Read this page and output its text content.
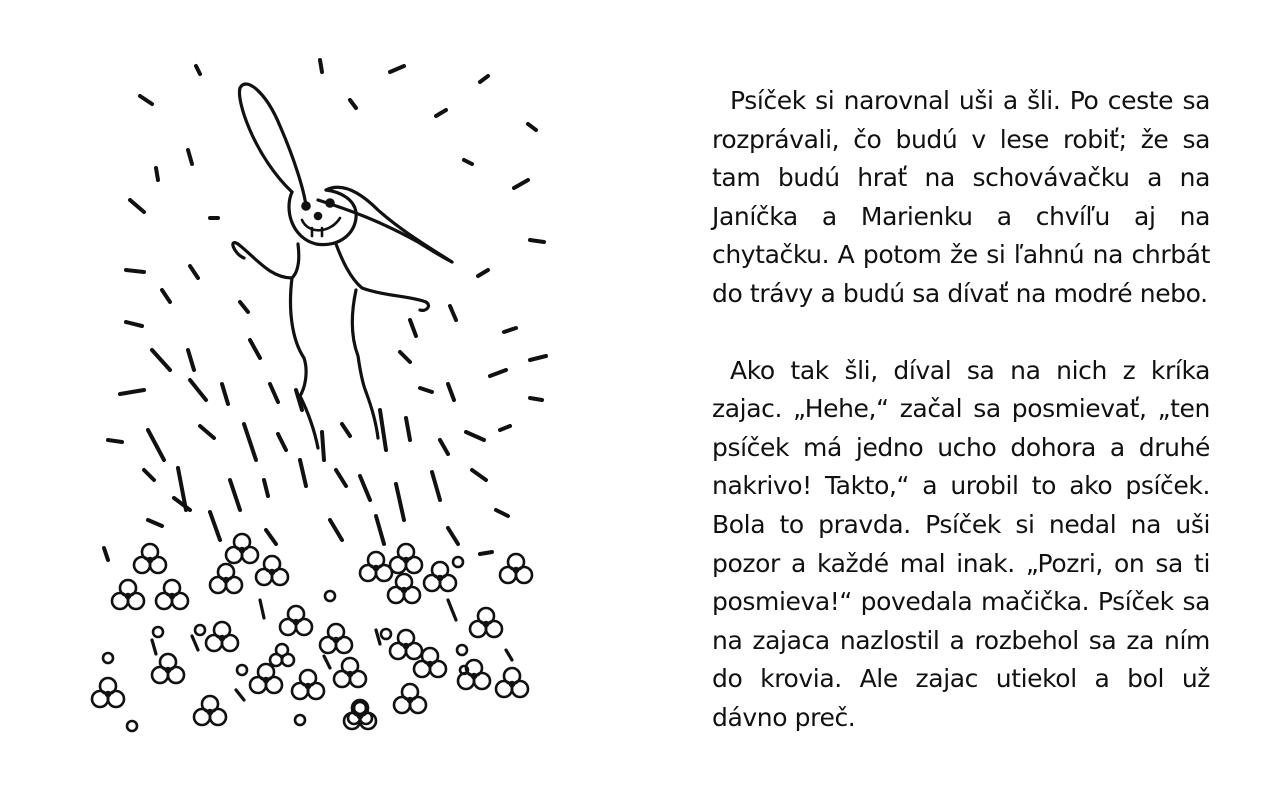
Psíček si narovnal uši a šli. Po ceste sa rozprávali, čo budú v lese robiť; že sa tam budú hrať na schovávačku a na Janíčka a Marienku a chvíľu aj na chytačku. A potom že si ľahnú na chrbát do trávy a budú sa dívať na modré nebo.

Ako tak šli, díval sa na nich z kríka zajac. „Hehe,“ začal sa posmievať, „ten psíček má jedno ucho dohora a druhé nakrivo! Takto,“ a urobil to ako psíček. Bola to pravda. Psíček si nedal na uši pozor a každé mal inak. „Pozri, on sa ti posmieva!“ povedala mačička. Psíček sa na zajaca nazlostil a rozbehol sa za ním do krovia. Ale zajac utiekol a bol už dávno preč.
